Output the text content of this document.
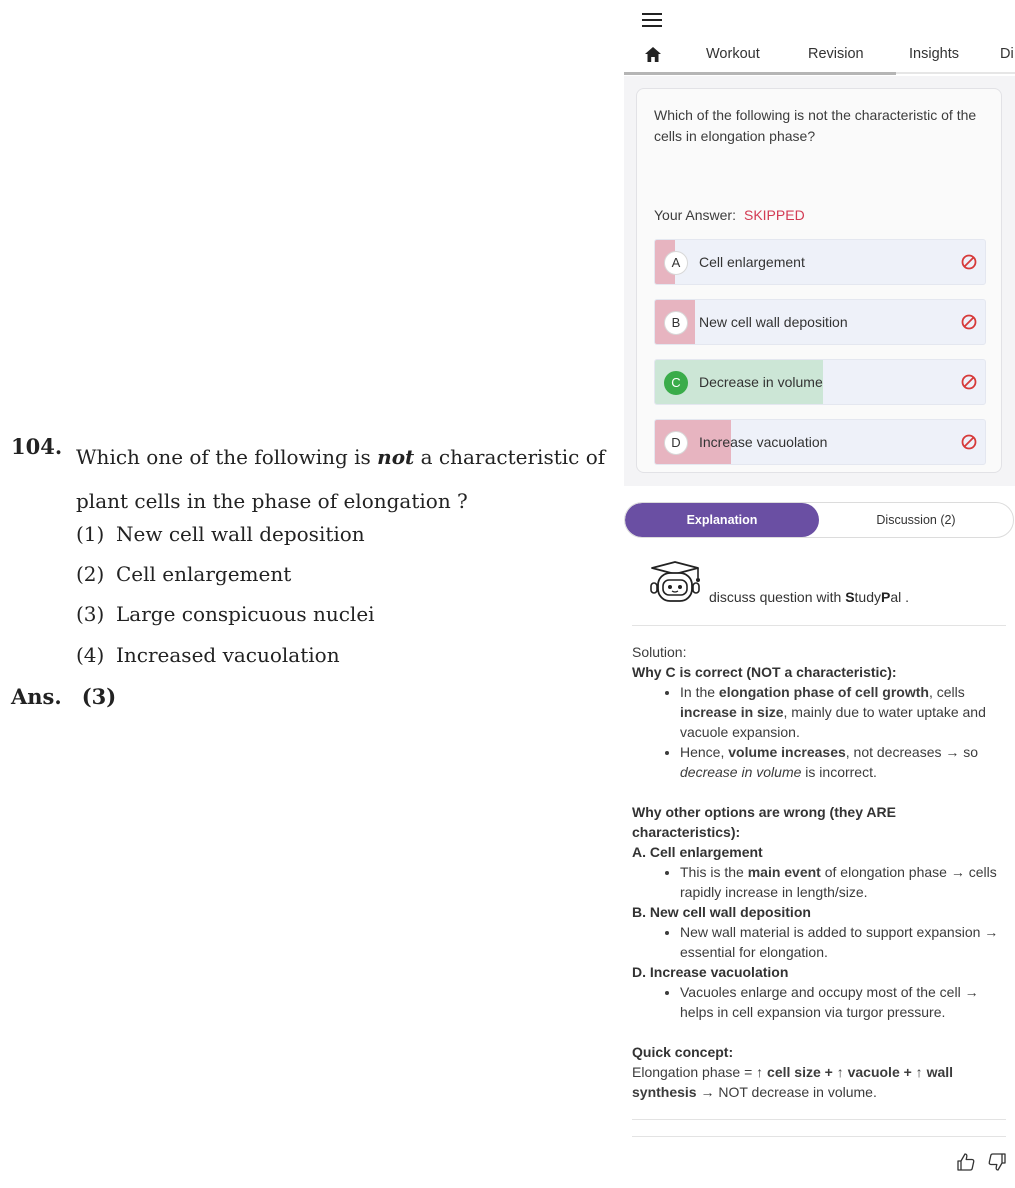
104. Which one of the following is not a characteristic of plant cells in the phase of elongation ?
(1) New cell wall deposition
(2) Cell enlargement
(3) Large conspicuous nuclei
(4) Increased vacuolation
Ans. (3)
Workout	Revision	Insights	Di
Which of the following is not the characteristic of the cells in elongation phase?
Your Answer: SKIPPED
A	Cell enlargement
B	New cell wall deposition
C	Decrease in volume
D	Increase vacuolation
Explanation	Discussion (2)
discuss question with StudyPal .
Solution:
Why C is correct (NOT a characteristic):
• In the elongation phase of cell growth, cells increase in size, mainly due to water uptake and vacuole expansion.
• Hence, volume increases, not decreases → so decrease in volume is incorrect.
Why other options are wrong (they ARE characteristics):
A. Cell enlargement
• This is the main event of elongation phase → cells rapidly increase in length/size.
B. New cell wall deposition
• New wall material is added to support expansion → essential for elongation.
D. Increase vacuolation
• Vacuoles enlarge and occupy most of the cell → helps in cell expansion via turgor pressure.
Quick concept:
Elongation phase = ↑ cell size + ↑ vacuole + ↑ wall synthesis → NOT decrease in volume.
